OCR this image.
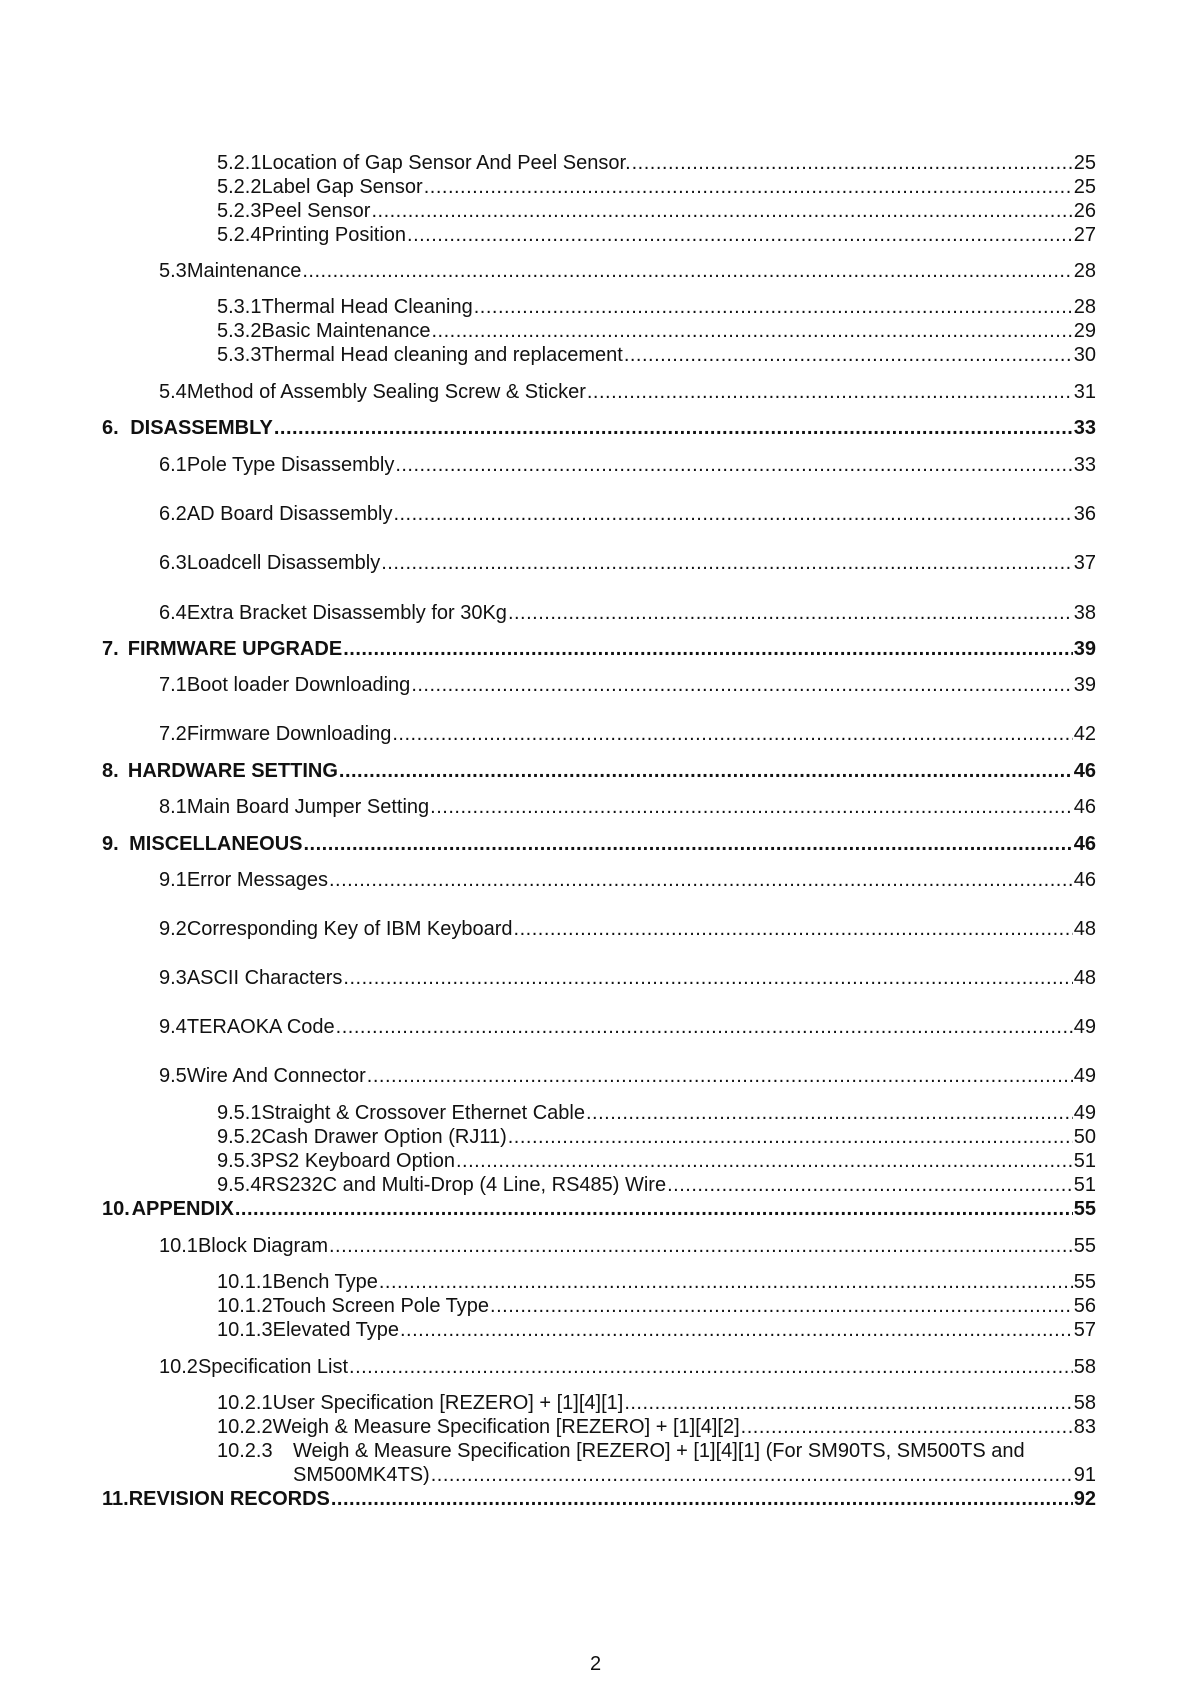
5.2.1 Location of Gap Sensor And Peel Sensor. .....	25
5.2.2 Label Gap Sensor .....	25
5.2.3 Peel Sensor .....	26
5.2.4 Printing Position .....	27
5.3 Maintenance .....	28
5.3.1 Thermal Head Cleaning .....	28
5.3.2 Basic Maintenance .....	29
5.3.3 Thermal Head cleaning and replacement .....	30
5.4 Method of Assembly Sealing Screw & Sticker .....	31
6. DISASSEMBLY .....	33
6.1 Pole Type Disassembly .....	33
6.2 AD Board Disassembly .....	36
6.3 Loadcell Disassembly .....	37
6.4 Extra Bracket Disassembly for 30Kg .....	38
7. FIRMWARE UPGRADE .....	39
7.1 Boot loader Downloading .....	39
7.2 Firmware Downloading .....	42
8. HARDWARE SETTING .....	46
8.1 Main Board Jumper Setting .....	46
9. MISCELLANEOUS .....	46
9.1 Error Messages .....	46
9.2 Corresponding Key of IBM Keyboard .....	48
9.3 ASCII Characters .....	48
9.4 TERAOKA Code .....	49
9.5 Wire And Connector .....	49
9.5.1 Straight & Crossover Ethernet Cable .....	49
9.5.2 Cash Drawer Option (RJ11) .....	50
9.5.3 PS2 Keyboard Option .....	51
9.5.4 RS232C and Multi-Drop (4 Line, RS485) Wire .....	51
10. APPENDIX .....	55
10.1 Block Diagram .....	55
10.1.1 Bench Type .....	55
10.1.2 Touch Screen Pole Type .....	56
10.1.3 Elevated Type .....	57
10.2 Specification List .....	58
10.2.1 User Specification [REZERO] + [1][4][1] .....	58
10.2.2 Weigh & Measure Specification [REZERO] + [1][4][2] .....	83
10.2.3 Weigh & Measure Specification [REZERO] + [1][4][1] (For SM90TS, SM500TS and
SM500MK4TS) .....	91
11. REVISION RECORDS .....	92
2
